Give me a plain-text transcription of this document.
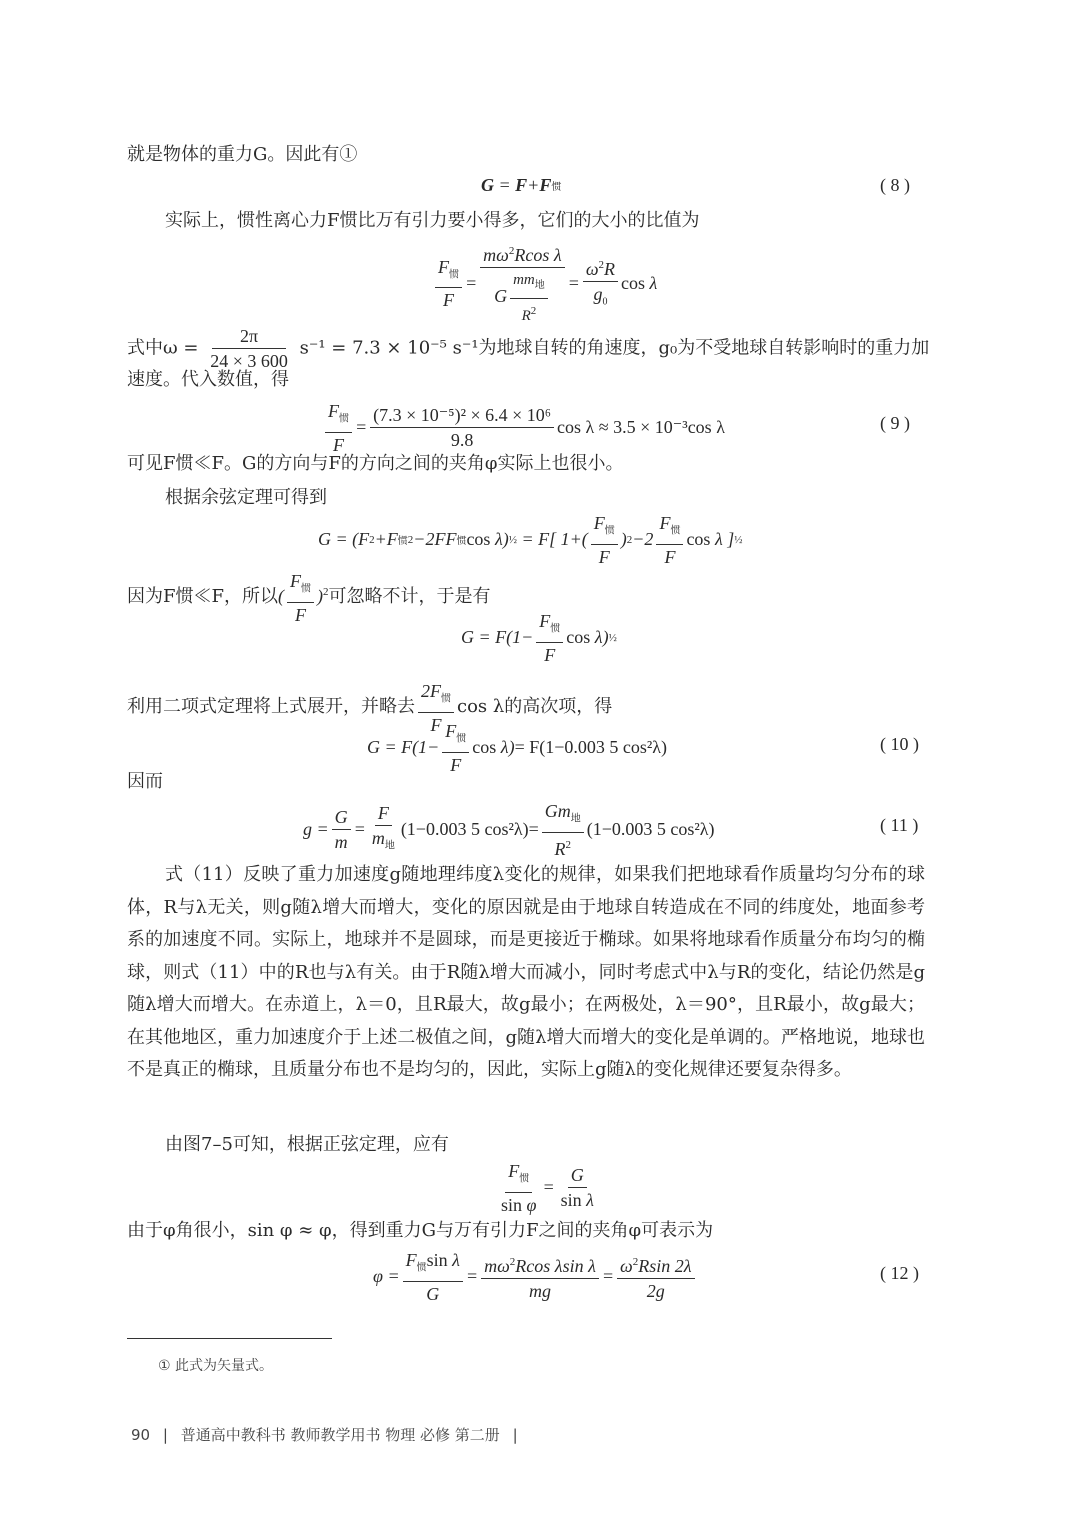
就是物体的重力G。因此有①
G = F + F 惯	( 8 )
实际上，惯性离心力F惯比万有引力要小得多，它们的大小的比值为
$\frac{F_惯}{F} = \frac{m\omega^2Rcos \lambda}{G \frac{mm_地}{R^2}} = \frac{\omega^2R}{g_0}$ cos λ
式中$\omega = \frac{2\pi}{24 \times 3 600} s^{-1} = 7.3 \times 10^{-5}$ s⁻¹为地球自转的角速度，g₀为不受地球自转影响时的重力加
速度。代入数值，得
$\frac{F_惯}{F} = \frac{\text{(7.3 × 10⁻⁵)² × 6.4 × 10⁶}}{9.8}$ cos λ ≈ 3.5 × 10⁻³cos λ	( 9 )
可见F惯≪F。G的方向与F的方向之间的夹角φ实际上也很小。
根据余弦定理可得到
G = (F 2 +F 惯 2 −2FF 惯 cos λ) ½ = F[ $1+( \frac{F_惯}{F}$ ) $2 -2 \frac{F_惯}{F}$ cos λ ] ½
因为F惯≪F，所以( $\frac{F_惯}{F} )^2$可忽略不计，于是有
$G = F(1- \frac{F_惯}{F}$ cos λ) ½
利用二项式定理将上式展开，并略去 $\frac{2F_惯}{F}$ cos λ的高次项，得
$G = F(1- \frac{F_惯}{F}$ cos λ) = F(1−0.003 5 cos²λ)	( 10 )
因而
$g = \frac{G}{m} = \frac{F}{m_地} (1-0.003$ 5 $\cos^2\lambda)= \frac{Gm_地}{R^2} (1-0.003$ 5 cos²λ)	( 11 )
式（11）反映了重力加速度g随地理纬度λ变化的规律，如果我们把地球看作质量均匀分布的球体，R与λ无关，则g随λ增大而增大，变化的原因就是由于地球自转造成在不同的纬度处，地面参考系的加速度不同。实际上，地球并不是圆球，而是更接近于椭球。如果将地球看作质量分布均匀的椭球，则式（11）中的R也与λ有关。由于R随λ增大而减小，同时考虑式中λ与R的变化，结论仍然是g随λ增大而增大。在赤道上，λ＝0，且R最大，故g最小；在两极处，λ＝90°，且R最小，故g最大；在其他地区，重力加速度介于上述二极值之间，g随λ增大而增大的变化是单调的。严格地说，地球也不是真正的椭球，且质量分布也不是均匀的，因此，实际上g随λ的变化规律还要复杂得多。
由图7–5可知，根据正弦定理，应有
$\frac{F_惯}{\text{sin φ}} = \frac{G}{\text{sin λ}}$
由于φ角很小，sin φ ≈ φ，得到重力G与万有引力F之间的夹角φ可表示为
$\varphi = \frac{F_惯\sin \lambda}{G} = \frac{m\omega^2Rcos \lambda\sin \lambda}{mg} = \frac{\omega^2Rsin 2\lambda}{2g}$	( 12 )
① 此式为矢量式。
90 | 普通高中教科书 教师教学用书 物理 必修 第二册 |
